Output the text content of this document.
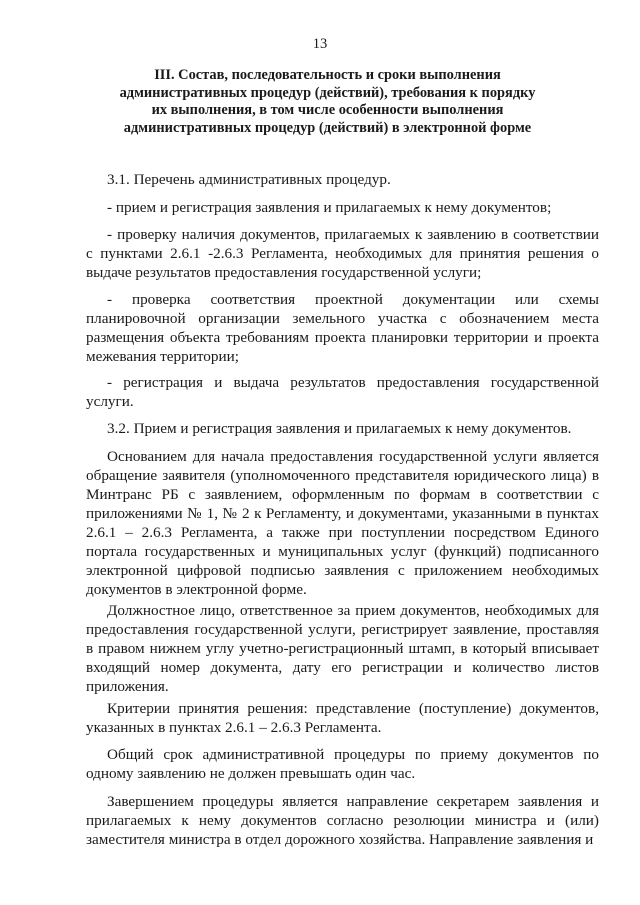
13
III. Состав, последовательность и сроки выполнения
административных процедур (действий), требования к порядку
их выполнения, в том числе особенности выполнения
административных процедур (действий) в электронной форме

3.1. Перечень административных процедур.

- прием и регистрация заявления и прилагаемых к нему документов;

- проверку наличия документов, прилагаемых к заявлению в соответствии с пунктами 2.6.1 -2.6.3 Регламента, необходимых для принятия решения о выдаче результатов предоставления государственной услуги;

- проверка соответствия проектной документации или схемы планировочной организации земельного участка с обозначением места размещения объекта требованиям проекта планировки территории и проекта межевания территории;

- регистрация и выдача результатов предоставления государственной услуги.

3.2. Прием и регистрация заявления и прилагаемых к нему документов.

Основанием для начала предоставления государственной услуги является обращение заявителя (уполномоченного представителя юридического лица) в Минтранс РБ с заявлением, оформленным по формам в соответствии с приложениями № 1, № 2 к Регламенту, и документами, указанными в пунктах 2.6.1 – 2.6.3 Регламента, а также при поступлении посредством Единого портала государственных и муниципальных услуг (функций) подписанного электронной цифровой подписью заявления с приложением необходимых документов в электронной форме.

Должностное лицо, ответственное за прием документов, необходимых для предоставления государственной услуги, регистрирует заявление, проставляя в правом нижнем углу учетно-регистрационный штамп, в который вписывает входящий номер документа, дату его регистрации и количество листов приложения.

Критерии принятия решения: представление (поступление) документов, указанных в пунктах 2.6.1 – 2.6.3 Регламента.

Общий срок административной процедуры по приему документов по одному заявлению не должен превышать один час.

Завершением процедуры является направление секретарем заявления и прилагаемых к нему документов согласно резолюции министра и (или) заместителя министра в отдел дорожного хозяйства. Направление заявления и
